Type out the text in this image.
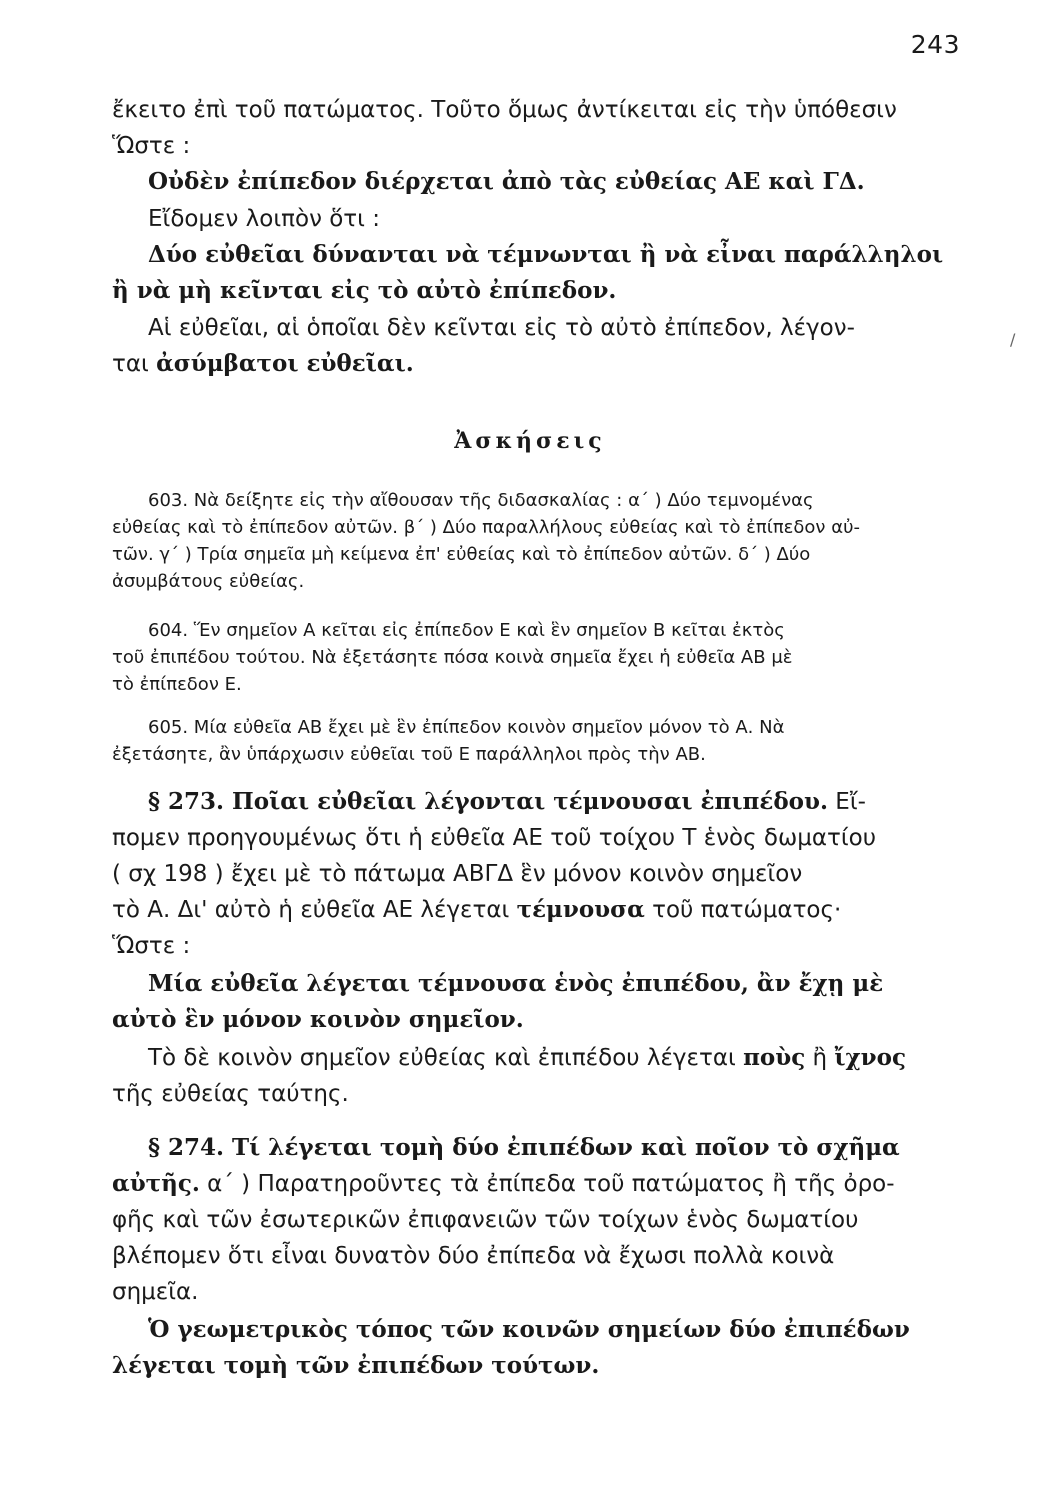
243
ἔκειτο ἐπὶ τοῦ πατώματος. Τοῦτο ὅμως ἀντίκειται εἰς τὴν ὑπόθεσιν
Ὥστε :
Οὐδὲν ἐπίπεδον διέρχεται ἀπὸ τὰς εὐθείας ΑΕ καὶ ΓΔ.
Εἴδομεν λοιπὸν ὅτι :
Δύο εὐθεῖαι δύνανται νὰ τέμνωνται ἢ νὰ εἶναι παράλληλοι
ἢ νὰ μὴ κεῖνται εἰς τὸ αὐτὸ ἐπίπεδον.
Αἱ εὐθεῖαι, αἱ ὁποῖαι δὲν κεῖνται εἰς τὸ αὐτὸ ἐπίπεδον, λέγον-
ται ἀσύμβατοι εὐθεῖαι.
Ἀσκήσεις
603. Νὰ δείξητε εἰς τὴν αἴθουσαν τῆς διδασκαλίας : α΄ ) Δύο τεμνομένας
εὐθείας καὶ τὸ ἐπίπεδον αὐτῶν. β΄ ) Δύο παραλλήλους εὐθείας καὶ τὸ ἐπίπεδον αὐ-
τῶν. γ΄ ) Τρία σημεῖα μὴ κείμενα ἐπ' εὐθείας καὶ τὸ ἐπίπεδον αὐτῶν. δ΄ ) Δύο
ἀσυμβάτους εὐθείας.
604. Ἕν σημεῖον Α κεῖται εἰς ἐπίπεδον Ε καὶ ἓν σημεῖον Β κεῖται ἐκτὸς
τοῦ ἐπιπέδου τούτου. Νὰ ἐξετάσητε πόσα κοινὰ σημεῖα ἔχει ἡ εὐθεῖα ΑΒ μὲ
τὸ ἐπίπεδον Ε.
605. Μία εὐθεῖα ΑΒ ἔχει μὲ ἓν ἐπίπεδον κοινὸν σημεῖον μόνον τὸ Α. Νὰ
ἐξετάσητε, ἂν ὑπάρχωσιν εὐθεῖαι τοῦ Ε παράλληλοι πρὸς τὴν ΑΒ.
§ 273. Ποῖαι εὐθεῖαι λέγονται τέμνουσαι ἐπιπέδου. Εἴ-
πομεν προηγουμένως ὅτι ἡ εὐθεῖα ΑΕ τοῦ τοίχου Τ ἑνὸς δωματίου
( σχ 198 ) ἔχει μὲ τὸ πάτωμα ΑΒΓΔ ἓν μόνον κοινὸν σημεῖον
τὸ Α. Δι' αὐτὸ ἡ εὐθεῖα ΑΕ λέγεται τέμνουσα τοῦ πατώματος·
Ὥστε :
Μία εὐθεῖα λέγεται τέμνουσα ἑνὸς ἐπιπέδου, ἂν ἔχῃ μὲ
αὐτὸ ἓν μόνον κοινὸν σημεῖον.
Τὸ δὲ κοινὸν σημεῖον εὐθείας καὶ ἐπιπέδου λέγεται ποὺς ἢ ἴχνος
τῆς εὐθείας ταύτης.
§ 274. Τί λέγεται τομὴ δύο ἐπιπέδων καὶ ποῖον τὸ σχῆμα
αὐτῆς. α΄ ) Παρατηροῦντες τὰ ἐπίπεδα τοῦ πατώματος ἢ τῆς ὀρο-
φῆς καὶ τῶν ἐσωτερικῶν ἐπιφανειῶν τῶν τοίχων ἑνὸς δωματίου
βλέπομεν ὅτι εἶναι δυνατὸν δύο ἐπίπεδα νὰ ἔχωσι πολλὰ κοινὰ
σημεῖα.
Ὁ γεωμετρικὸς τόπος τῶν κοινῶν σημείων δύο ἐπιπέδων
λέγεται τομὴ τῶν ἐπιπέδων τούτων.
/
